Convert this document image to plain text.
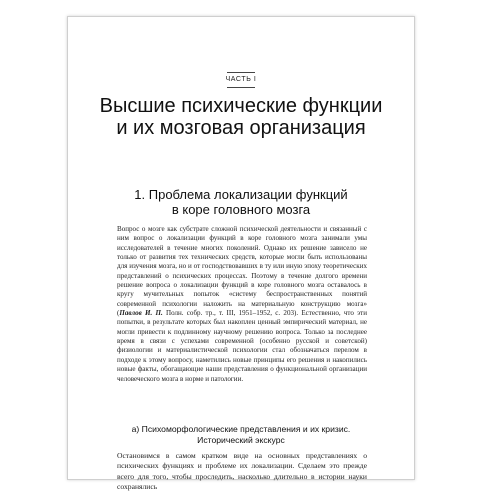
ЧАСТЬ I
Высшие психические функции
и их мозговая организация
1. Проблема локализации функций
в коре головного мозга

Вопрос о мозге как субстрате сложной психической деятельности и связанный с ним вопрос о локализации функций в коре головного мозга занимали умы исследователей в течение многих поколений. Однако их решение зависело не только от развития тех технических средств, которые могли быть использованы для изучения мозга, но и от господствовавших в ту или иную эпоху теоретических представлений о психических процессах. Поэтому в течение долгого времени решение вопроса о локализации функций в коре головного мозга оставалось в кругу мучительных попыток «систему беспространственных понятий современной психологии наложить на материальную конструкцию мозга» (Павлов И. П. Полн. собр. тр., т. III, 1951–1952, с. 203). Естественно, что эти попытки, в результате которых был накоплен ценный эмпирический материал, не могли привести к подлинному научному решению вопроса. Только за последнее время в связи с успехами современной (особенно русской и советской) физиологии и материалистической психологии стал обозначаться перелом в подходе к этому вопросу, наметились новые принципы его решения и накопились новые факты, обогащающие наши представления о функциональной организации человеческого мозга в норме и патологии.

а) Психоморфологические представления и их кризис.
Исторический экскурс

Остановимся в самом кратком виде на основных представлениях о психических функциях и проблеме их локализации. Сделаем это прежде всего для того, чтобы проследить, насколько длительно в истории науки сохранялись
